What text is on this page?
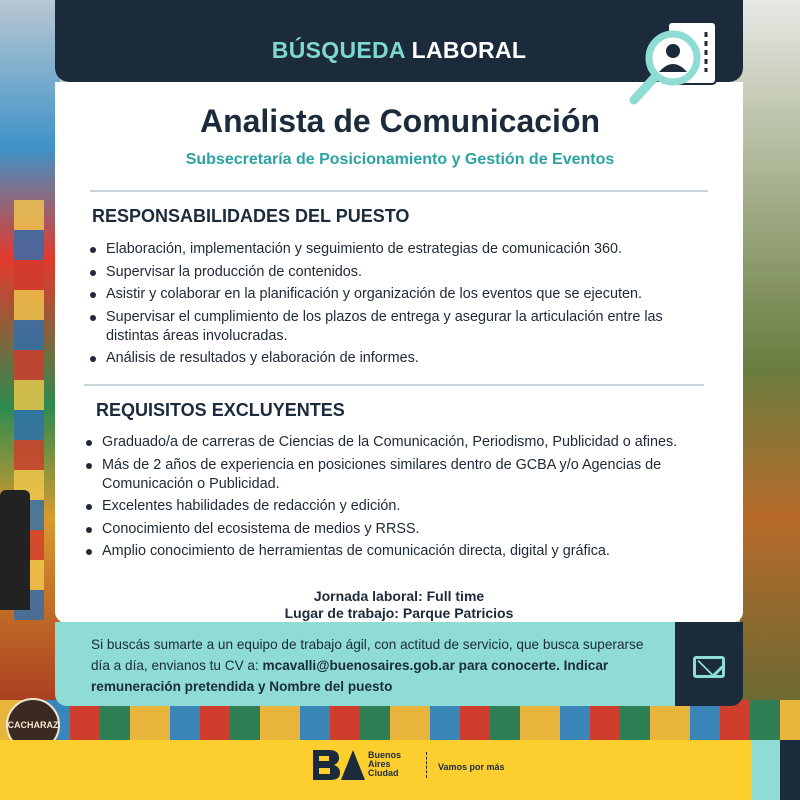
CACHARAZ
BÚSQUEDA LABORAL
Analista de Comunicación
Subsecretaría de Posicionamiento y Gestión de Eventos
RESPONSABILIDADES DEL PUESTO
Elaboración, implementación y seguimiento de estrategias de comunicación 360.
Supervisar la producción de contenidos.
Asistir y colaborar en la planificación y organización de los eventos que se ejecuten.
Supervisar el cumplimiento de los plazos de entrega y asegurar la articulación entre las distintas áreas involucradas.
Análisis de resultados y elaboración de informes.
REQUISITOS EXCLUYENTES
Graduado/a de carreras de Ciencias de la Comunicación, Periodismo, Publicidad o afines.
Más de 2 años de experiencia en posiciones similares dentro de GCBA y/o Agencias de Comunicación o Publicidad.
Excelentes habilidades de redacción y edición.
Conocimiento del ecosistema de medios y RRSS.
Amplio conocimiento de herramientas de comunicación directa, digital y gráfica.
Jornada laboral: Full time
Lugar de trabajo: Parque Patricios
Si buscás sumarte a un equipo de trabajo ágil, con actitud de servicio, que busca superarse día a día, envianos tu CV a: mcavalli@buenosaires.gob.ar para conocerte. Indicar remuneración pretendida y Nombre del puesto
Buenos
Aires
Ciudad
Vamos por más
